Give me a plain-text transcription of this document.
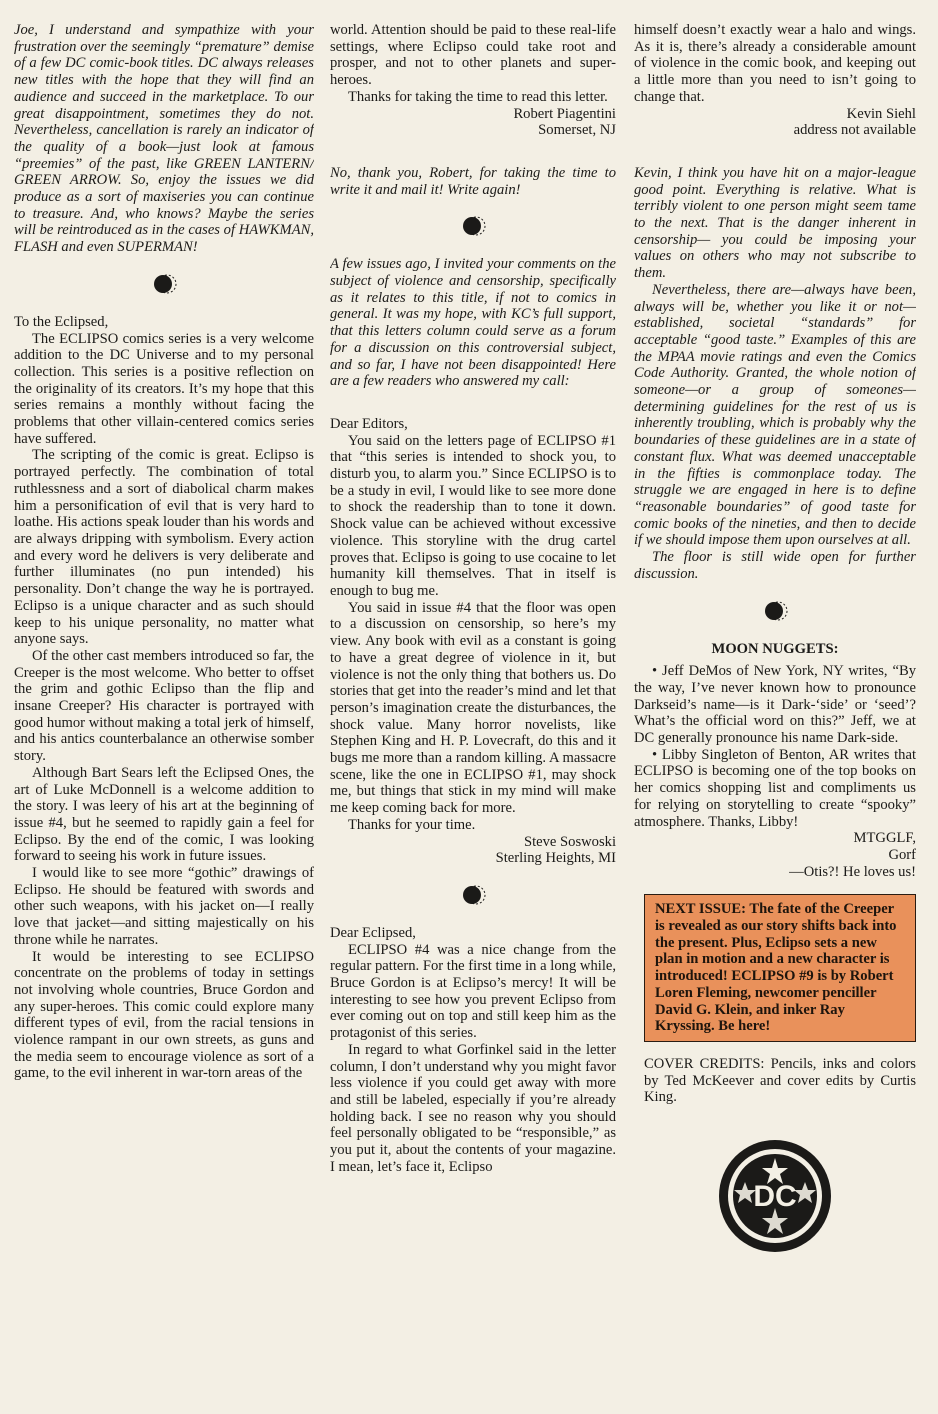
Joe, I understand and sympathize with your frustration over the seemingly “premature” demise of a few DC comic-book titles. DC always releases new titles with the hope that they will find an audience and succeed in the marketplace. To our great disappointment, sometimes they do not. Nevertheless, cancellation is rarely an indicator of the quality of a book—just look at famous “preemies” of the past, like GREEN LANTERN/ GREEN ARROW. So, enjoy the issues we did produce as a sort of maxiseries you can continue to treasure. And, who knows? Maybe the series will be reintroduced as in the cases of HAWKMAN, FLASH and even SUPERMAN!

To the Eclipsed,

The ECLIPSO comics series is a very welcome addition to the DC Universe and to my personal collection. This series is a positive reflection on the originality of its creators. It’s my hope that this series remains a monthly without facing the problems that other villain-centered comics series have suffered.

The scripting of the comic is great. Eclipso is portrayed perfectly. The combination of total ruthlessness and a sort of diabolical charm makes him a personification of evil that is very hard to loathe. His actions speak louder than his words and are always dripping with symbolism. Every action and every word he delivers is very deliberate and further illuminates (no pun intended) his personality. Don’t change the way he is portrayed. Eclipso is a unique character and as such should keep to his unique personality, no matter what anyone says.

Of the other cast members introduced so far, the Creeper is the most welcome. Who better to offset the grim and gothic Eclipso than the flip and insane Creeper? His character is portrayed with good humor without making a total jerk of himself, and his antics counterbalance an otherwise somber story.

Although Bart Sears left the Eclipsed Ones, the art of Luke McDonnell is a welcome addition to the story. I was leery of his art at the beginning of issue #4, but he seemed to rapidly gain a feel for Eclipso. By the end of the comic, I was looking forward to seeing his work in future issues.

I would like to see more “gothic” drawings of Eclipso. He should be featured with swords and other such weapons, with his jacket on—I really love that jacket—and sitting majestically on his throne while he narrates.

It would be interesting to see ECLIPSO concentrate on the problems of today in settings not involving whole countries, Bruce Gordon and any super-heroes. This comic could explore many different types of evil, from the racial tensions in violence rampant in our own streets, as guns and the media seem to encourage violence as sort of a game, to the evil inherent in war-torn areas of the

world. Attention should be paid to these real-life settings, where Eclipso could take root and prosper, and not to other planets and super-heroes.

Thanks for taking the time to read this letter.

Robert Piagentini
Somerset, NJ

No, thank you, Robert, for taking the time to write it and mail it! Write again!

A few issues ago, I invited your comments on the subject of violence and censorship, specifically as it relates to this title, if not to comics in general. It was my hope, with KC’s full support, that this letters column could serve as a forum for a discussion on this controversial subject, and so far, I have not been disappointed! Here are a few readers who answered my call:

Dear Editors,

You said on the letters page of ECLIPSO #1 that “this series is intended to shock you, to disturb you, to alarm you.” Since ECLIPSO is to be a study in evil, I would like to see more done to shock the readership than to tone it down. Shock value can be achieved without excessive violence. This storyline with the drug cartel proves that. Eclipso is going to use cocaine to let humanity kill themselves. That in itself is enough to bug me.

You said in issue #4 that the floor was open to a discussion on censorship, so here’s my view. Any book with evil as a constant is going to have a great degree of violence in it, but violence is not the only thing that bothers us. Do stories that get into the reader’s mind and let that person’s imagination create the disturbances, the shock value. Many horror novelists, like Stephen King and H. P. Lovecraft, do this and it bugs me more than a random killing. A massacre scene, like the one in ECLIPSO #1, may shock me, but things that stick in my mind will make me keep coming back for more.

Thanks for your time.

Steve Soswoski
Sterling Heights, MI

Dear Eclipsed,

ECLIPSO #4 was a nice change from the regular pattern. For the first time in a long while, Bruce Gordon is at Eclipso’s mercy! It will be interesting to see how you prevent Eclipso from ever coming out on top and still keep him as the protagonist of this series.

In regard to what Gorfinkel said in the letter column, I don’t understand why you might favor less violence if you could get away with more and still be labeled, especially if you’re already holding back. I see no reason why you should feel personally obligated to be “responsible,” as you put it, about the contents of your magazine. I mean, let’s face it, Eclipso

himself doesn’t exactly wear a halo and wings. As it is, there’s already a considerable amount of violence in the comic book, and keeping out a little more than you need to isn’t going to change that.

Kevin Siehl
address not available

Kevin, I think you have hit on a major-league good point. Everything is relative. What is terribly violent to one person might seem tame to the next. That is the danger inherent in censorship— you could be imposing your values on others who may not subscribe to them.

Nevertheless, there are—always have been, always will be, whether you like it or not—established, societal “standards” for acceptable “good taste.” Examples of this are the MPAA movie ratings and even the Comics Code Authority. Granted, the whole notion of someone—or a group of someones—determining guidelines for the rest of us is inherently troubling, which is probably why the boundaries of these guidelines are in a state of constant flux. What was deemed unacceptable in the fifties is commonplace today. The struggle we are engaged in here is to define “reasonable boundaries” of good taste for comic books of the nineties, and then to decide if we should impose them upon ourselves at all.

The floor is still wide open for further discussion.

MOON NUGGETS:

• Jeff DeMos of New York, NY writes, “By the way, I’ve never known how to pronounce Darkseid’s name—is it Dark-‘side’ or ‘seed’? What’s the official word on this?” Jeff, we at DC generally pronounce his name Dark-side.

• Libby Singleton of Benton, AR writes that ECLIPSO is becoming one of the top books on her comics shopping list and compliments us for relying on storytelling to create “spooky” atmosphere. Thanks, Libby!

MTGGLF,
Gorf
—Otis?! He loves us!
NEXT ISSUE: The fate of the Creeper is revealed as our story shifts back into the present. Plus, Eclipso sets a new plan in motion and a new character is introduced! ECLIPSO #9 is by Robert Loren Fleming, newcomer penciller David G. Klein, and inker Ray Kryssing. Be here!

COVER CREDITS: Pencils, inks and colors by Ted McKeever and cover edits by Curtis King.

DC
